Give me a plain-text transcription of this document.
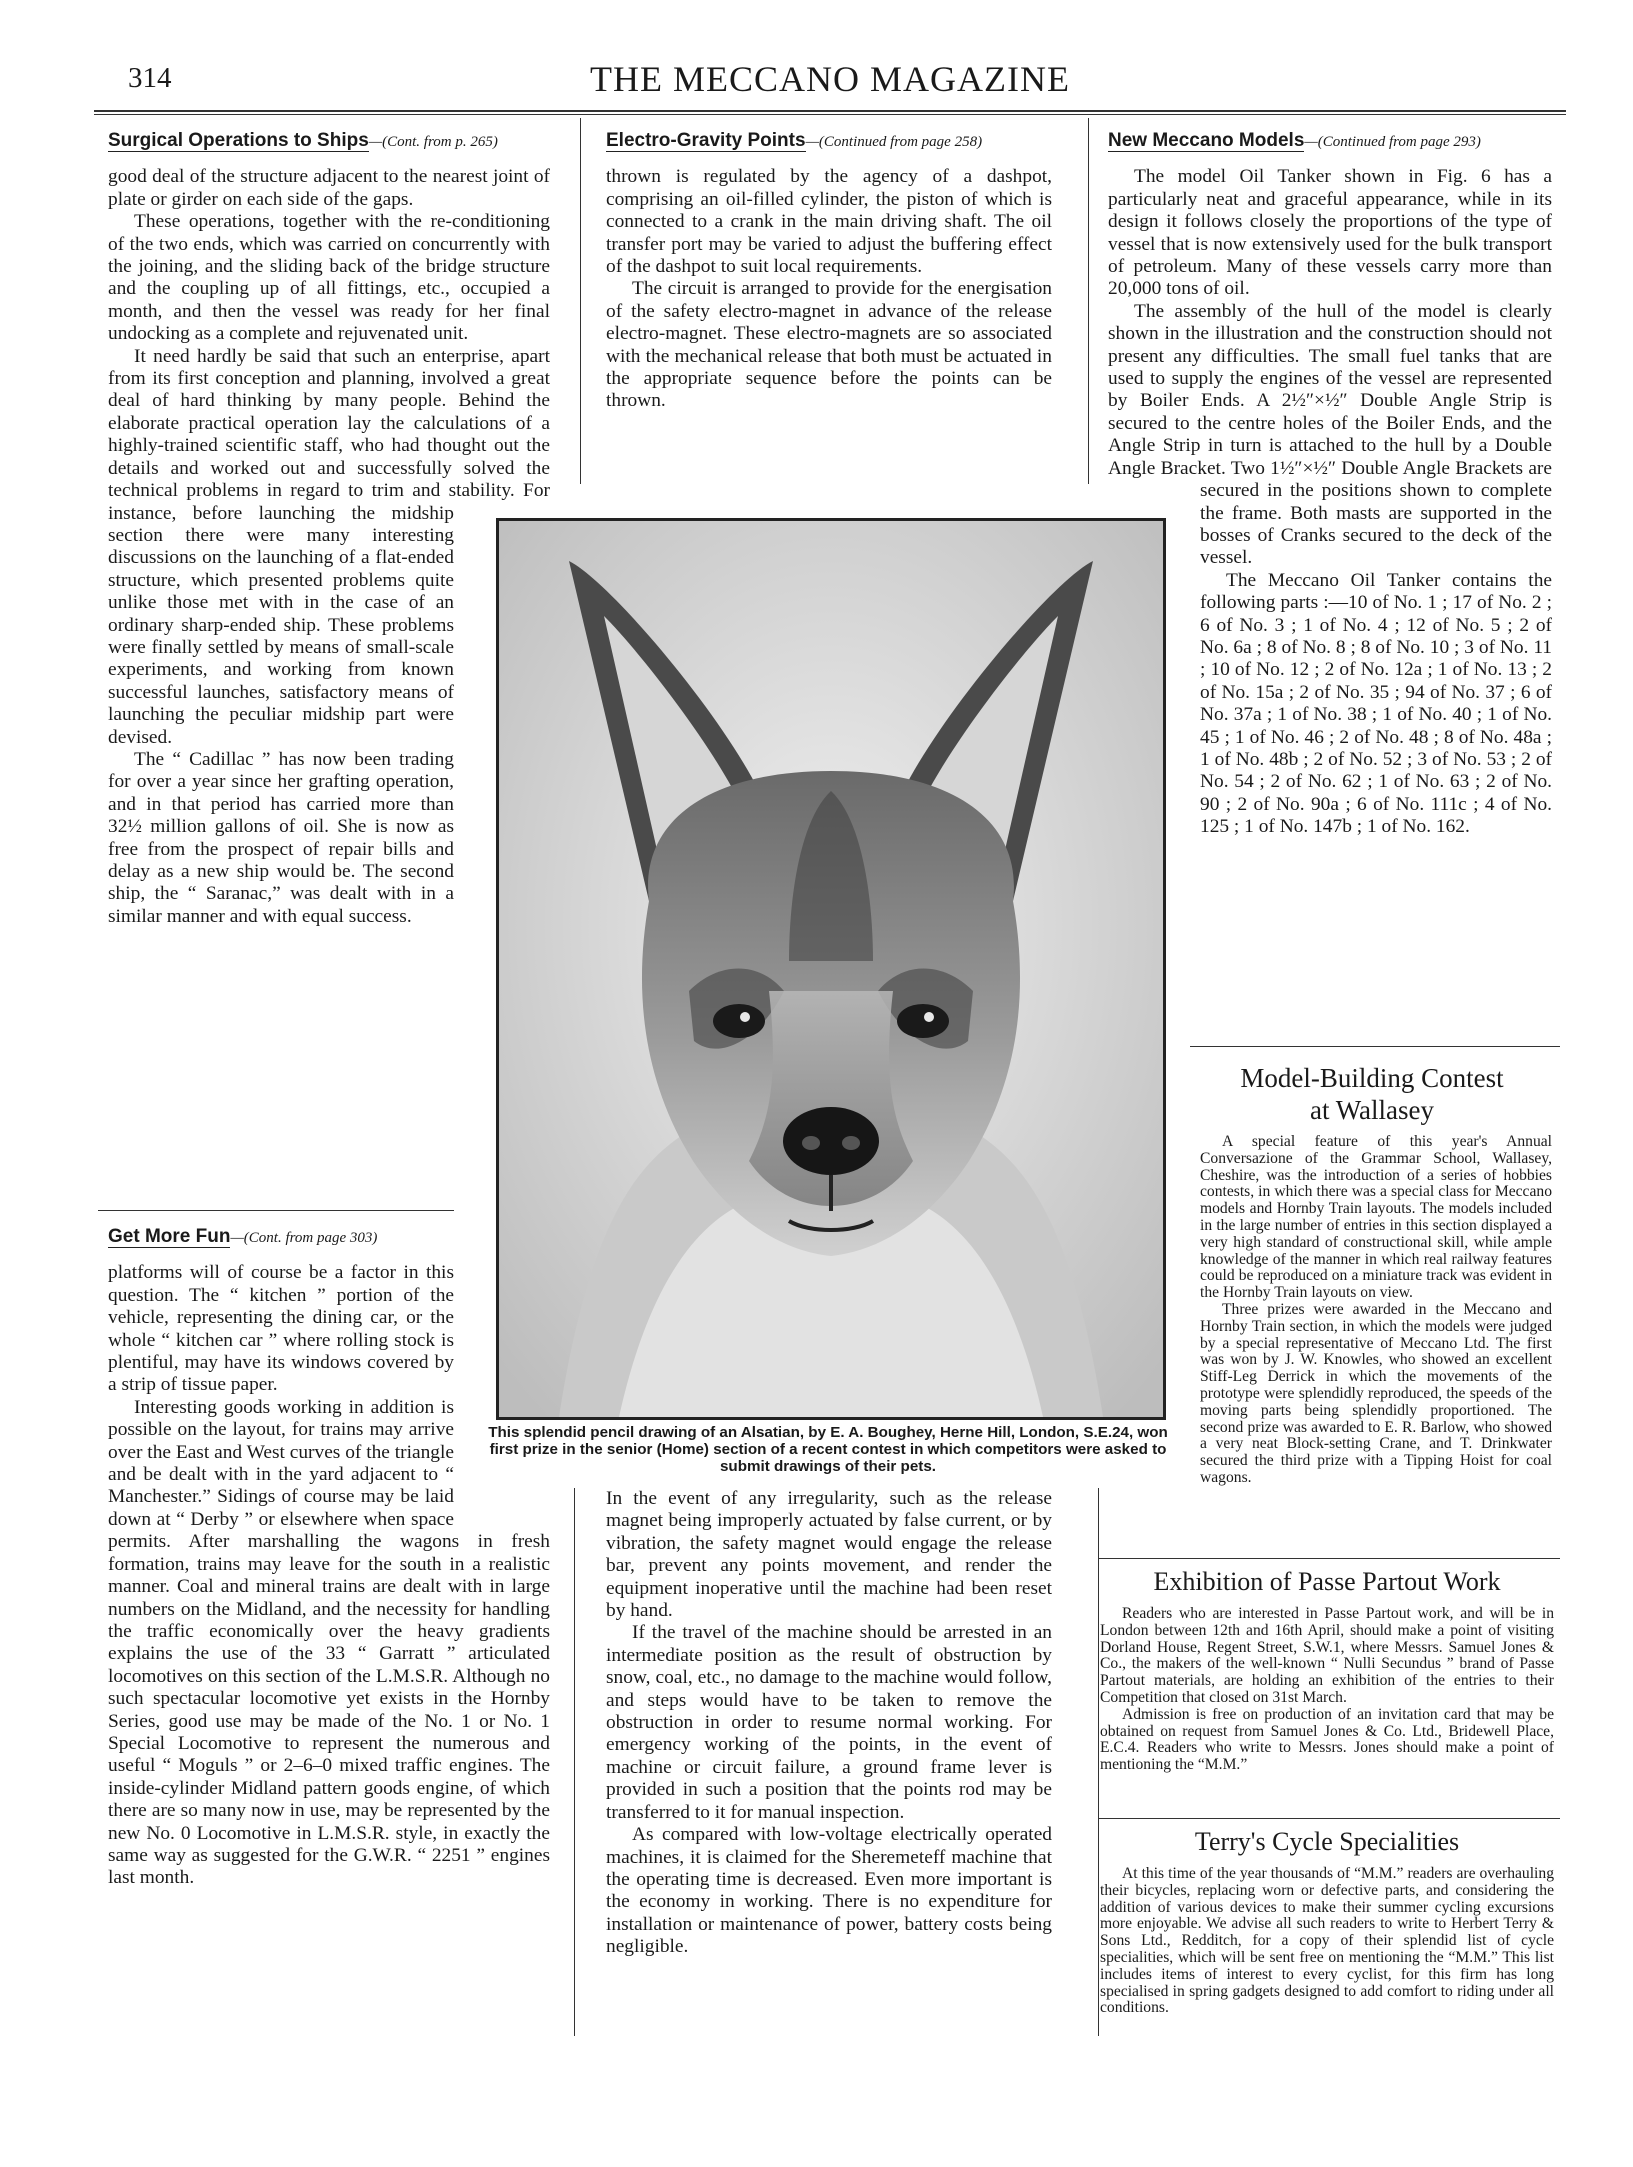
314	THE MECCANO MAGAZINE
Surgical Operations to Ships—(Cont. from p. 265)

good deal of the structure adjacent to the nearest joint of plate or girder on each side of the gaps.

These operations, together with the re-conditioning of the two ends, which was carried on concurrently with the joining, and the sliding back of the bridge structure and the coupling up of all fittings, etc., occupied a month, and then the vessel was ready for her final undocking as a complete and rejuvenated unit.

It need hardly be said that such an enterprise, apart from its first conception and planning, involved a great deal of hard thinking by many people. Behind the elaborate practical operation lay the calculations of a highly-trained scientific staff, who had thought out the details and worked out and successfully solved the technical problems in regard to trim and stability. For instance, before launching the midship section there were many interesting discussions on the launching of a flat-ended structure, which presented problems quite unlike those met with in the case of an ordinary sharp-ended ship. These problems were finally settled by means of small-scale experiments, and working from known successful launches, satisfactory means of launching the peculiar midship part were devised.

The “ Cadillac ” has now been trading for over a year since her grafting operation, and in that period has carried more than 32½ million gallons of oil. She is now as free from the prospect of repair bills and delay as a new ship would be. The second ship, the “ Saranac,” was dealt with in a similar manner and with equal success.

Get More Fun—(Cont. from page 303)

platforms will of course be a factor in this question. The “ kitchen ” portion of the vehicle, representing the dining car, or the whole “ kitchen car ” where rolling stock is plentiful, may have its windows covered by a strip of tissue paper.

Interesting goods working in addition is possible on the layout, for trains may arrive over the East and West curves of the triangle and be dealt with in the yard adjacent to “ Manchester.” Sidings of course may be laid down at “ Derby ” or elsewhere when space permits. After marshalling the wagons in fresh formation, trains may leave for the south in a realistic manner. Coal and mineral trains are dealt with in large numbers on the Midland, and the necessity for handling the traffic economically over the heavy gradients explains the use of the 33 “ Garratt ” articulated locomotives on this section of the L.M.S.R. Although no such spectacular locomotive yet exists in the Hornby Series, good use may be made of the No. 1 or No. 1 Special Locomotive to represent the numerous and useful “ Moguls ” or 2–6–0 mixed traffic engines. The inside-cylinder Midland pattern goods engine, of which there are so many now in use, may be represented by the new No. 0 Locomotive in L.M.S.R. style, in exactly the same way as suggested for the G.W.R. “ 2251 ” engines last month.

Electro-Gravity Points—(Continued from page 258)

thrown is regulated by the agency of a dashpot, comprising an oil-filled cylinder, the piston of which is connected to a crank in the main driving shaft. The oil transfer port may be varied to adjust the buffering effect of the dashpot to suit local requirements.

The circuit is arranged to provide for the energisation of the safety electro-magnet in advance of the release electro-magnet. These electro-magnets are so associated with the mechanical release that both must be actuated in the appropriate sequence before the points can be thrown.

In the event of any irregularity, such as the release magnet being improperly actuated by false current, or by vibration, the safety magnet would engage the release bar, prevent any points movement, and render the equipment inoperative until the machine had been reset by hand.

If the travel of the machine should be arrested in an intermediate position as the result of obstruction by snow, coal, etc., no damage to the machine would follow, and steps would have to be taken to remove the obstruction in order to resume normal working. For emergency working of the points, in the event of machine or circuit failure, a ground frame lever is provided in such a position that the points rod may be transferred to it for manual inspection.

As compared with low-voltage electrically operated machines, it is claimed for the Sheremeteff machine that the operating time is decreased. Even more important is the economy in working. There is no expenditure for installation or maintenance of power, battery costs being negligible.

This splendid pencil drawing of an Alsatian, by E. A. Boughey, Herne Hill, London, S.E.24, won first prize in the senior (Home) section of a recent contest in which competitors were asked to submit drawings of their pets.
New Meccano Models—(Continued from page 293)

The model Oil Tanker shown in Fig. 6 has a particularly neat and graceful appearance, while in its design it follows closely the proportions of the type of vessel that is now extensively used for the bulk transport of petroleum. Many of these vessels carry more than 20,000 tons of oil.

The assembly of the hull of the model is clearly shown in the illustration and the construction should not present any difficulties. The small fuel tanks that are used to supply the engines of the vessel are represented by Boiler Ends. A 2½″×½″ Double Angle Strip is secured to the centre holes of the Boiler Ends, and the Angle Strip in turn is attached to the hull by a Double Angle Bracket. Two 1½″×½″ Double Angle Brackets are secured in the positions shown to complete the frame. Both masts are supported in the bosses of Cranks secured to the deck of the vessel.

The Meccano Oil Tanker contains the following parts :—10 of No. 1 ; 17 of No. 2 ; 6 of No. 3 ; 1 of No. 4 ; 12 of No. 5 ; 2 of No. 6a ; 8 of No. 8 ; 8 of No. 10 ; 3 of No. 11 ; 10 of No. 12 ; 2 of No. 12a ; 1 of No. 13 ; 2 of No. 15a ; 2 of No. 35 ; 94 of No. 37 ; 6 of No. 37a ; 1 of No. 38 ; 1 of No. 40 ; 1 of No. 45 ; 1 of No. 46 ; 2 of No. 48 ; 8 of No. 48a ; 1 of No. 48b ; 2 of No. 52 ; 3 of No. 53 ; 2 of No. 54 ; 2 of No. 62 ; 1 of No. 63 ; 2 of No. 90 ; 2 of No. 90a ; 6 of No. 111c ; 4 of No. 125 ; 1 of No. 147b ; 1 of No. 162.

Model-Building Contest
at Wallasey

A special feature of this year's Annual Conversazione of the Grammar School, Wallasey, Cheshire, was the introduction of a series of hobbies contests, in which there was a special class for Meccano models and Hornby Train layouts. The models included in the large number of entries in this section displayed a very high standard of constructional skill, while ample knowledge of the manner in which real railway features could be reproduced on a miniature track was evident in the Hornby Train layouts on view.

Three prizes were awarded in the Meccano and Hornby Train section, in which the models were judged by a special representative of Meccano Ltd. The first was won by J. W. Knowles, who showed an excellent Stiff-Leg Derrick in which the movements of the prototype were splendidly reproduced, the speeds of the moving parts being splendidly proportioned. The second prize was awarded to E. R. Barlow, who showed a very neat Block-setting Crane, and T. Drinkwater secured the third prize with a Tipping Hoist for coal wagons.

Exhibition of Passe Partout Work

Readers who are interested in Passe Partout work, and will be in London between 12th and 16th April, should make a point of visiting Dorland House, Regent Street, S.W.1, where Messrs. Samuel Jones & Co., the makers of the well-known “ Nulli Secundus ” brand of Passe Partout materials, are holding an exhibition of the entries to their Competition that closed on 31st March.

Admission is free on production of an invitation card that may be obtained on request from Samuel Jones & Co. Ltd., Bridewell Place, E.C.4. Readers who write to Messrs. Jones should make a point of mentioning the “M.M.”

Terry's Cycle Specialities

At this time of the year thousands of “M.M.” readers are overhauling their bicycles, replacing worn or defective parts, and considering the addition of various devices to make their summer cycling excursions more enjoyable. We advise all such readers to write to Herbert Terry & Sons Ltd., Redditch, for a copy of their splendid list of cycle specialities, which will be sent free on mentioning the “M.M.” This list includes items of interest to every cyclist, for this firm has long specialised in spring gadgets designed to add comfort to riding under all conditions.
